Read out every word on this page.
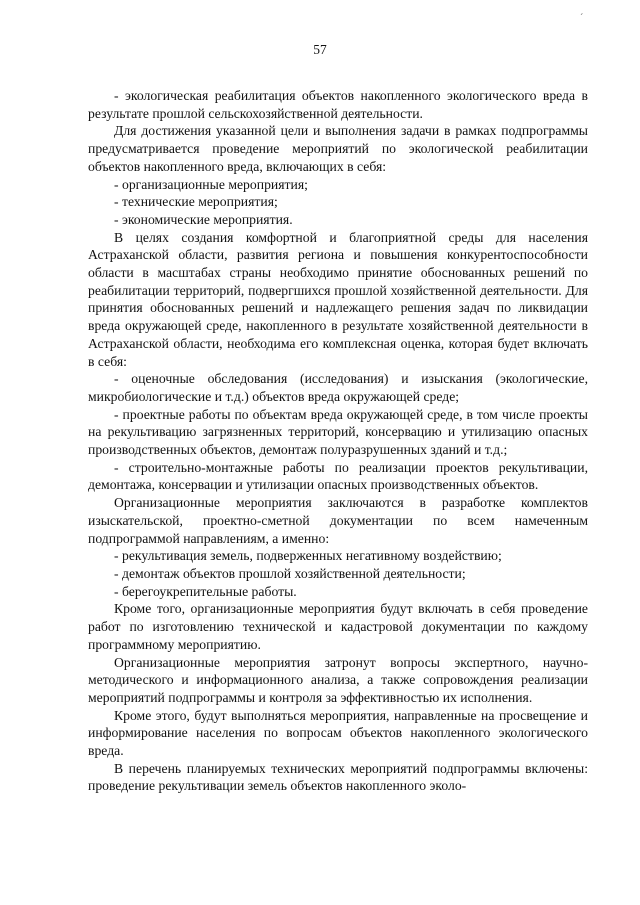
´
57

- экологическая реабилитация объектов накопленного экологического вреда в результате прошлой сельскохозяйственной деятельности.

Для достижения указанной цели и выполнения задачи в рамках подпрограммы предусматривается проведение мероприятий по экологической реабилитации объектов накопленного вреда, включающих в себя:

- организационные мероприятия;

- технические мероприятия;

- экономические мероприятия.

В целях создания комфортной и благоприятной среды для населения Астраханской области, развития региона и повышения конкурентоспособности области в масштабах страны необходимо принятие обоснованных решений по реабилитации территорий, подвергшихся прошлой хозяйственной деятельности. Для принятия обоснованных решений и надлежащего решения задач по ликвидации вреда окружающей среде, накопленного в результате хозяйственной деятельности в Астраханской области, необходима его комплексная оценка, которая будет включать в себя:

- оценочные обследования (исследования) и изыскания (экологические, микробиологические и т.д.) объектов вреда окружающей среде;

- проектные работы по объектам вреда окружающей среде, в том числе проекты на рекультивацию загрязненных территорий, консервацию и утилизацию опасных производственных объектов, демонтаж полуразрушенных зданий и т.д.;

- строительно-монтажные работы по реализации проектов рекультивации, демонтажа, консервации и утилизации опасных производственных объектов.

Организационные мероприятия заключаются в разработке комплектов изыскательской, проектно-сметной документации по всем намеченным подпрограммой направлениям, а именно:

- рекультивация земель, подверженных негативному воздействию;

- демонтаж объектов прошлой хозяйственной деятельности;

- берегоукрепительные работы.

Кроме того, организационные мероприятия будут включать в себя проведение работ по изготовлению технической и кадастровой документации по каждому программному мероприятию.

Организационные мероприятия затронут вопросы экспертного, научно-методического и информационного анализа, а также сопровождения реализации мероприятий подпрограммы и контроля за эффективностью их исполнения.

Кроме этого, будут выполняться мероприятия, направленные на просвещение и информирование населения по вопросам объектов накопленного экологического вреда.

В перечень планируемых технических мероприятий подпрограммы включены: проведение рекультивации земель объектов накопленного эколо-
